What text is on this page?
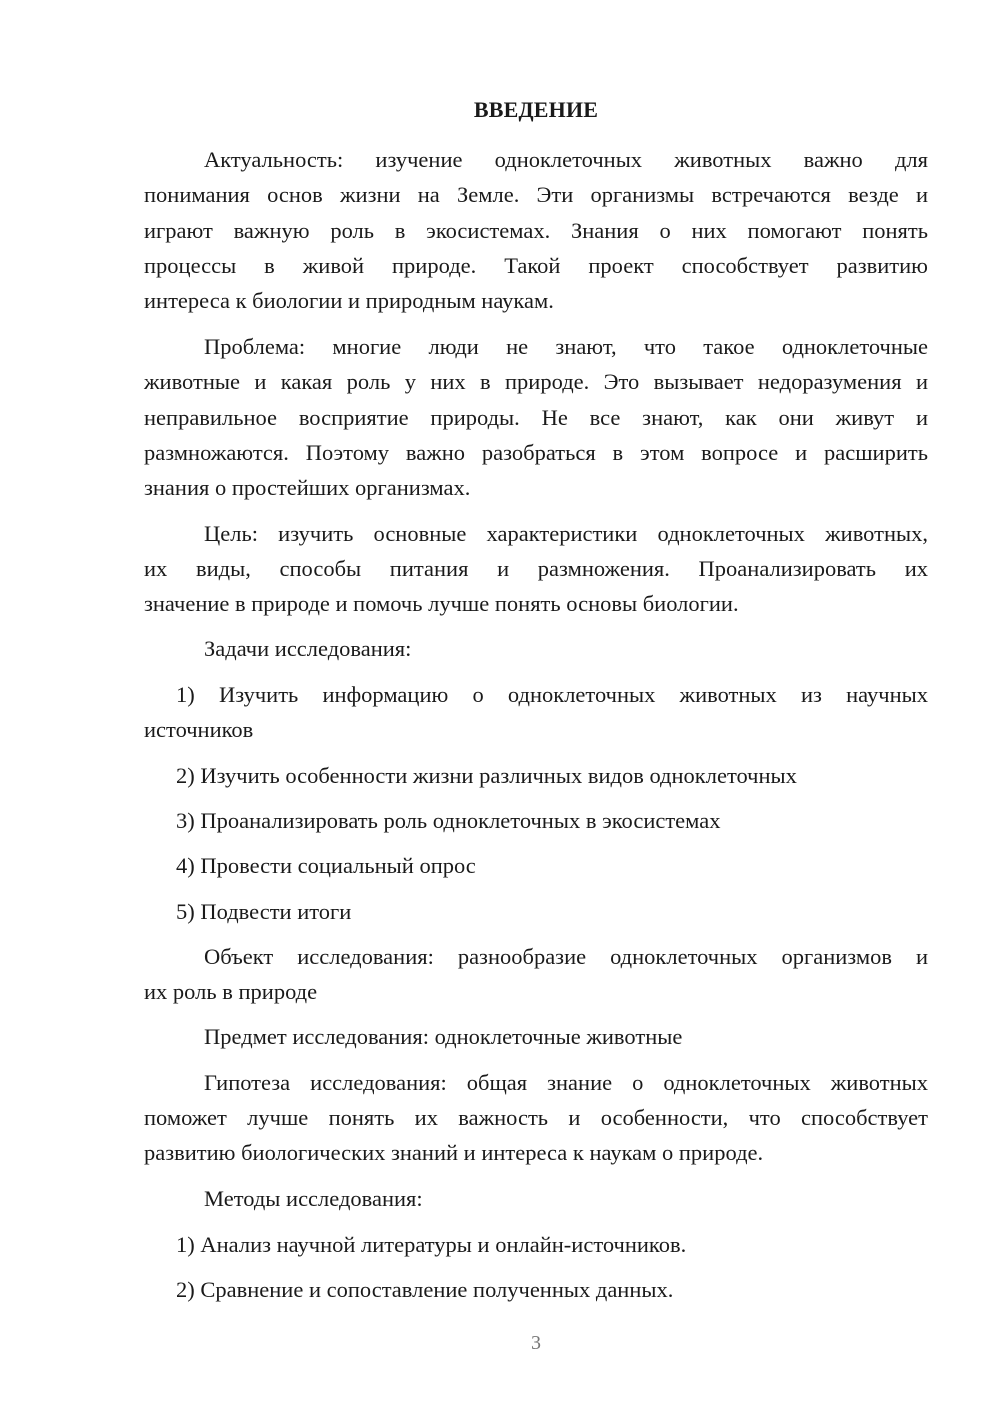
ВВЕДЕНИЕ
Актуальность: изучение одноклеточных животных важно для
понимания основ жизни на Земле. Эти организмы встречаются везде и
играют важную роль в экосистемах. Знания о них помогают понять
процессы в живой природе. Такой проект способствует развитию
интереса к биологии и природным наукам.
Проблема: многие люди не знают, что такое одноклеточные
животные и какая роль у них в природе. Это вызывает недоразумения и
неправильное восприятие природы. Не все знают, как они живут и
размножаются. Поэтому важно разобраться в этом вопросе и расширить
знания о простейших организмах.
Цель: изучить основные характеристики одноклеточных животных,
их виды, способы питания и размножения. Проанализировать их
значение в природе и помочь лучше понять основы биологии.
Задачи исследования:
1) Изучить информацию о одноклеточных животных из научных
источников
2) Изучить особенности жизни различных видов одноклеточных
3) Проанализировать роль одноклеточных в экосистемах
4) Провести социальный опрос
5) Подвести итоги
Объект исследования: разнообразие одноклеточных организмов и
их роль в природе
Предмет исследования: одноклеточные животные
Гипотеза исследования: общая знание о одноклеточных животных
поможет лучше понять их важность и особенности, что способствует
развитию биологических знаний и интереса к наукам о природе.
Методы исследования:
1) Анализ научной литературы и онлайн-источников.
2) Сравнение и сопоставление полученных данных.
3
